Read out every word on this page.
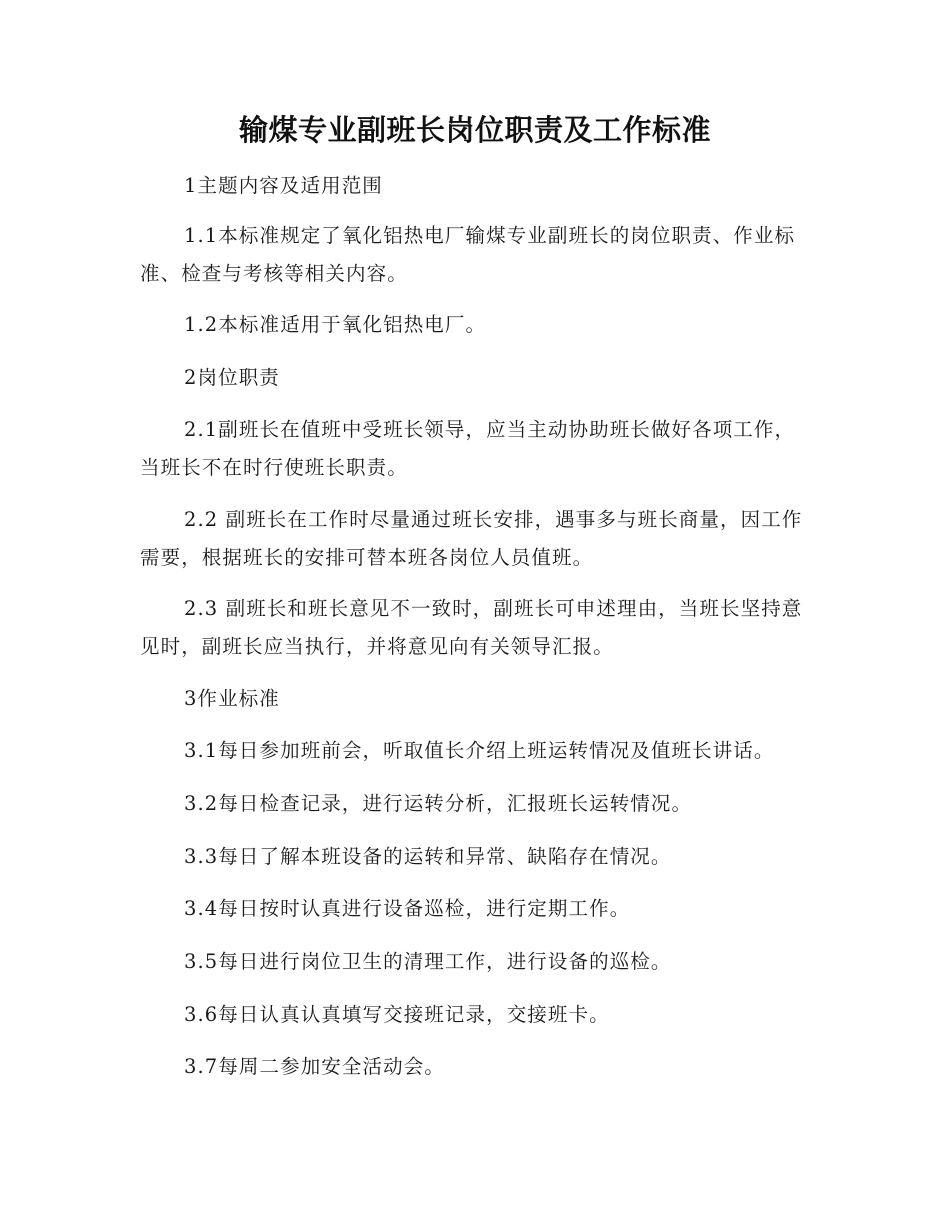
输煤专业副班长岗位职责及工作标准

1主题内容及适用范围

1.1本标准规定了氧化铝热电厂输煤专业副班长的岗位职责、作业标准、检查与考核等相关内容。

1.2本标准适用于氧化铝热电厂。

2岗位职责

2.1副班长在值班中受班长领导，应当主动协助班长做好各项工作，当班长不在时行使班长职责。

2.2 副班长在工作时尽量通过班长安排，遇事多与班长商量，因工作需要，根据班长的安排可替本班各岗位人员值班。

2.3 副班长和班长意见不一致时，副班长可申述理由，当班长坚持意见时，副班长应当执行，并将意见向有关领导汇报。

3作业标准

3.1每日参加班前会，听取值长介绍上班运转情况及值班长讲话。

3.2每日检查记录，进行运转分析，汇报班长运转情况。

3.3每日了解本班设备的运转和异常、缺陷存在情况。

3.4每日按时认真进行设备巡检，进行定期工作。

3.5每日进行岗位卫生的清理工作，进行设备的巡检。

3.6每日认真认真填写交接班记录，交接班卡。

3.7每周二参加安全活动会。
